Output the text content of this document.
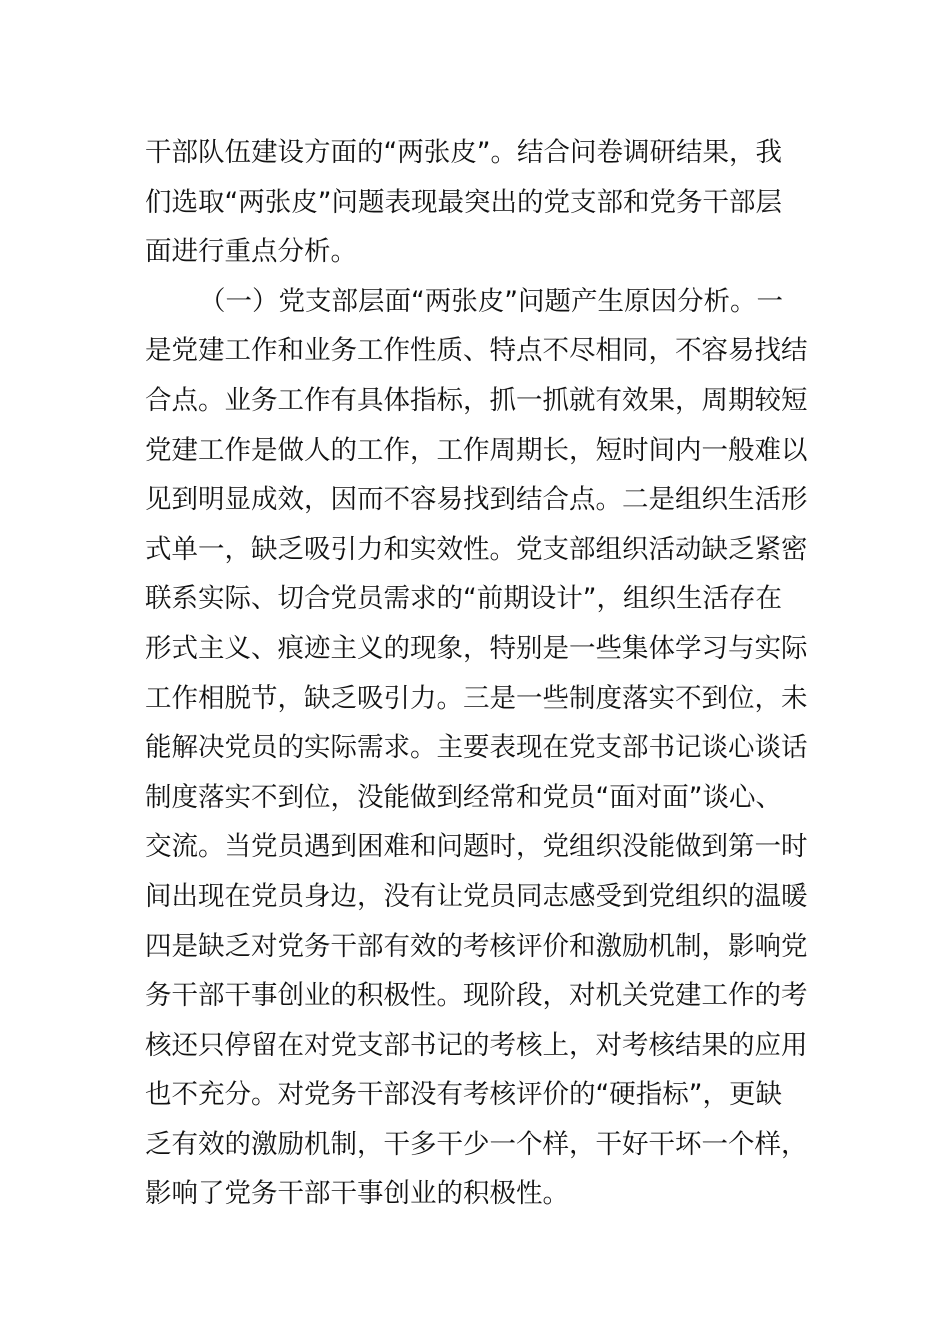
干部队伍建设方面的“两张皮”。结合问卷调研结果，我
们选取“两张皮”问题表现最突出的党支部和党务干部层
面进行重点分析。
（一）党支部层面“两张皮”问题产生原因分析。一
是党建工作和业务工作性质、特点不尽相同，不容易找结
合点。业务工作有具体指标，抓一抓就有效果，周期较短
党建工作是做人的工作，工作周期长，短时间内一般难以
见到明显成效，因而不容易找到结合点。二是组织生活形
式单一，缺乏吸引力和实效性。党支部组织活动缺乏紧密
联系实际、切合党员需求的“前期设计”，组织生活存在
形式主义、痕迹主义的现象，特别是一些集体学习与实际
工作相脱节，缺乏吸引力。三是一些制度落实不到位，未
能解决党员的实际需求。主要表现在党支部书记谈心谈话
制度落实不到位，没能做到经常和党员“面对面”谈心、
交流。当党员遇到困难和问题时，党组织没能做到第一时
间出现在党员身边，没有让党员同志感受到党组织的温暖
四是缺乏对党务干部有效的考核评价和激励机制，影响党
务干部干事创业的积极性。现阶段，对机关党建工作的考
核还只停留在对党支部书记的考核上，对考核结果的应用
也不充分。对党务干部没有考核评价的“硬指标”，更缺
乏有效的激励机制，干多干少一个样，干好干坏一个样，
影响了党务干部干事创业的积极性。
